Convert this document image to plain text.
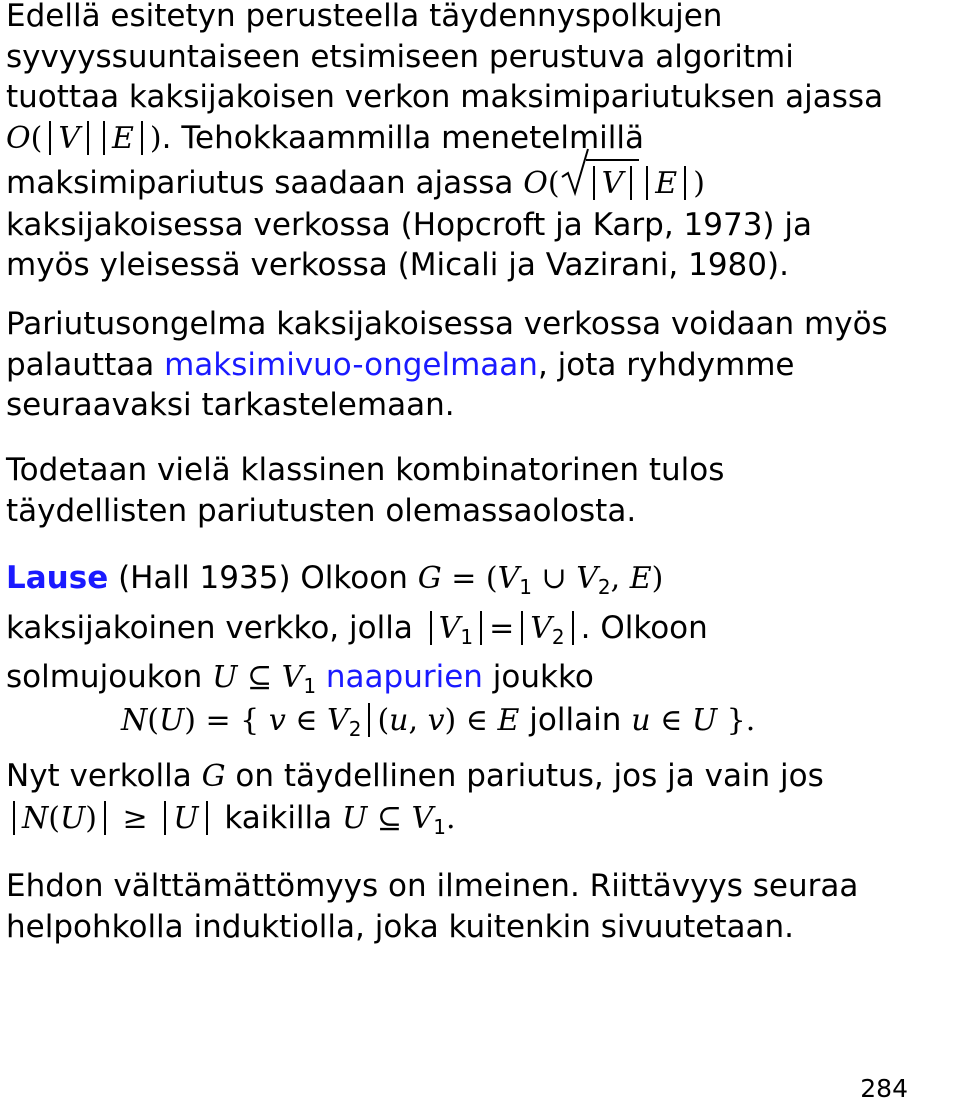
Edellä esitetyn perusteella täydennyspolkujen
syvyyssuuntaiseen etsimiseen perustuva algoritmi
tuottaa kaksijakoisen verkon maksimipariutuksen ajassa
O( V E ). Tehokkaammilla menetelmillä
maksimipariutus saadaan ajassa O( V E )
kaksijakoisessa verkossa (Hopcroft ja Karp, 1973) ja
myös yleisessä verkossa (Micali ja Vazirani, 1980).
Pariutusongelma kaksijakoisessa verkossa voidaan myös
palauttaa maksimivuo-ongelmaan, jota ryhdymme
seuraavaksi tarkastelemaan.
Todetaan vielä klassinen kombinatorinen tulos
täydellisten pariutusten olemassaolosta.
Lause (Hall 1935) Olkoon $G = (V_1$ ∪ $V_2$, E)
kaksijakoinen verkko, jolla $V_1 = V_2$ . Olkoon
solmujoukon U ⊆ $V_1$ naapurien joukko
N(U) = { v ∈ $V_2$ (u, v) ∈ E jollain u ∈ U }.
Nyt verkolla G on täydellinen pariutus, jos ja vain jos
N(U) ≥ U kaikilla U ⊆ $V_1$.
Ehdon välttämättömyys on ilmeinen. Riittävyys seuraa
helpohkolla induktiolla, joka kuitenkin sivuutetaan.
284
